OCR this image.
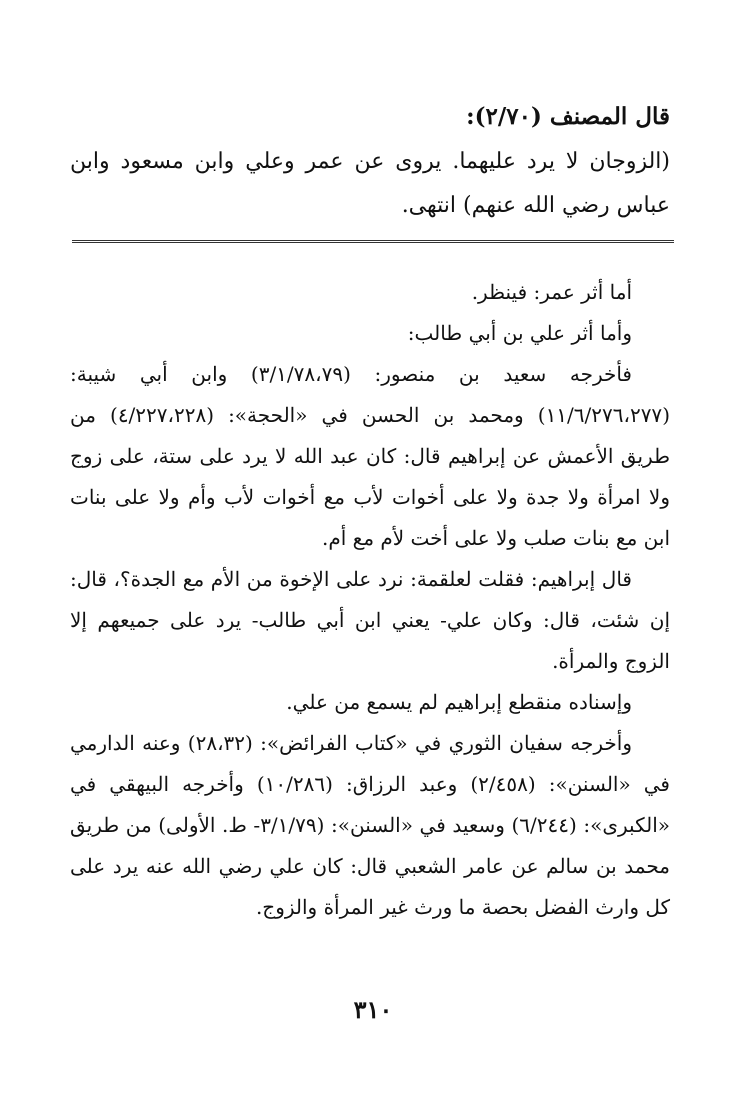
قال المصنف (٢/٧٠):
(الزوجان لا يرد عليهما. يروى عن عمر وعلي وابن مسعود وابن عباس رضي الله عنهم) انتهى.

أما أثر عمر: فينظر.

وأما أثر علي بن أبي طالب:

فأخرجه سعيد بن منصور: (٣/١/٧٨،٧٩) وابن أبي شيبة: (١١/٦/٢٧٦،٢٧٧) ومحمد بن الحسن في «الحجة»: (٤/٢٢٧،٢٢٨) من طريق الأعمش عن إبراهيم قال: كان عبد الله لا يرد على ستة، على زوج ولا امرأة ولا جدة ولا على أخوات لأب مع أخوات لأب وأم ولا على بنات ابن مع بنات صلب ولا على أخت لأم مع أم.

قال إبراهيم: فقلت لعلقمة: نرد على الإخوة من الأم مع الجدة؟، قال: إن شئت، قال: وكان علي- يعني ابن أبي طالب- يرد على جميعهم إلا الزوج والمرأة.

وإسناده منقطع إبراهيم لم يسمع من علي.

وأخرجه سفيان الثوري في «كتاب الفرائض»: (٢٨،٣٢) وعنه الدارمي في «السنن»: (٢/٤٥٨) وعبد الرزاق: (١٠/٢٨٦) وأخرجه البيهقي في «الكبرى»: (٦/٢٤٤) وسعيد في «السنن»: (٣/١/٧٩- ط. الأولى) من طريق محمد بن سالم عن عامر الشعبي قال: كان علي رضي الله عنه يرد على كل وارث الفضل بحصة ما ورث غير المرأة والزوج.

٣١٠
